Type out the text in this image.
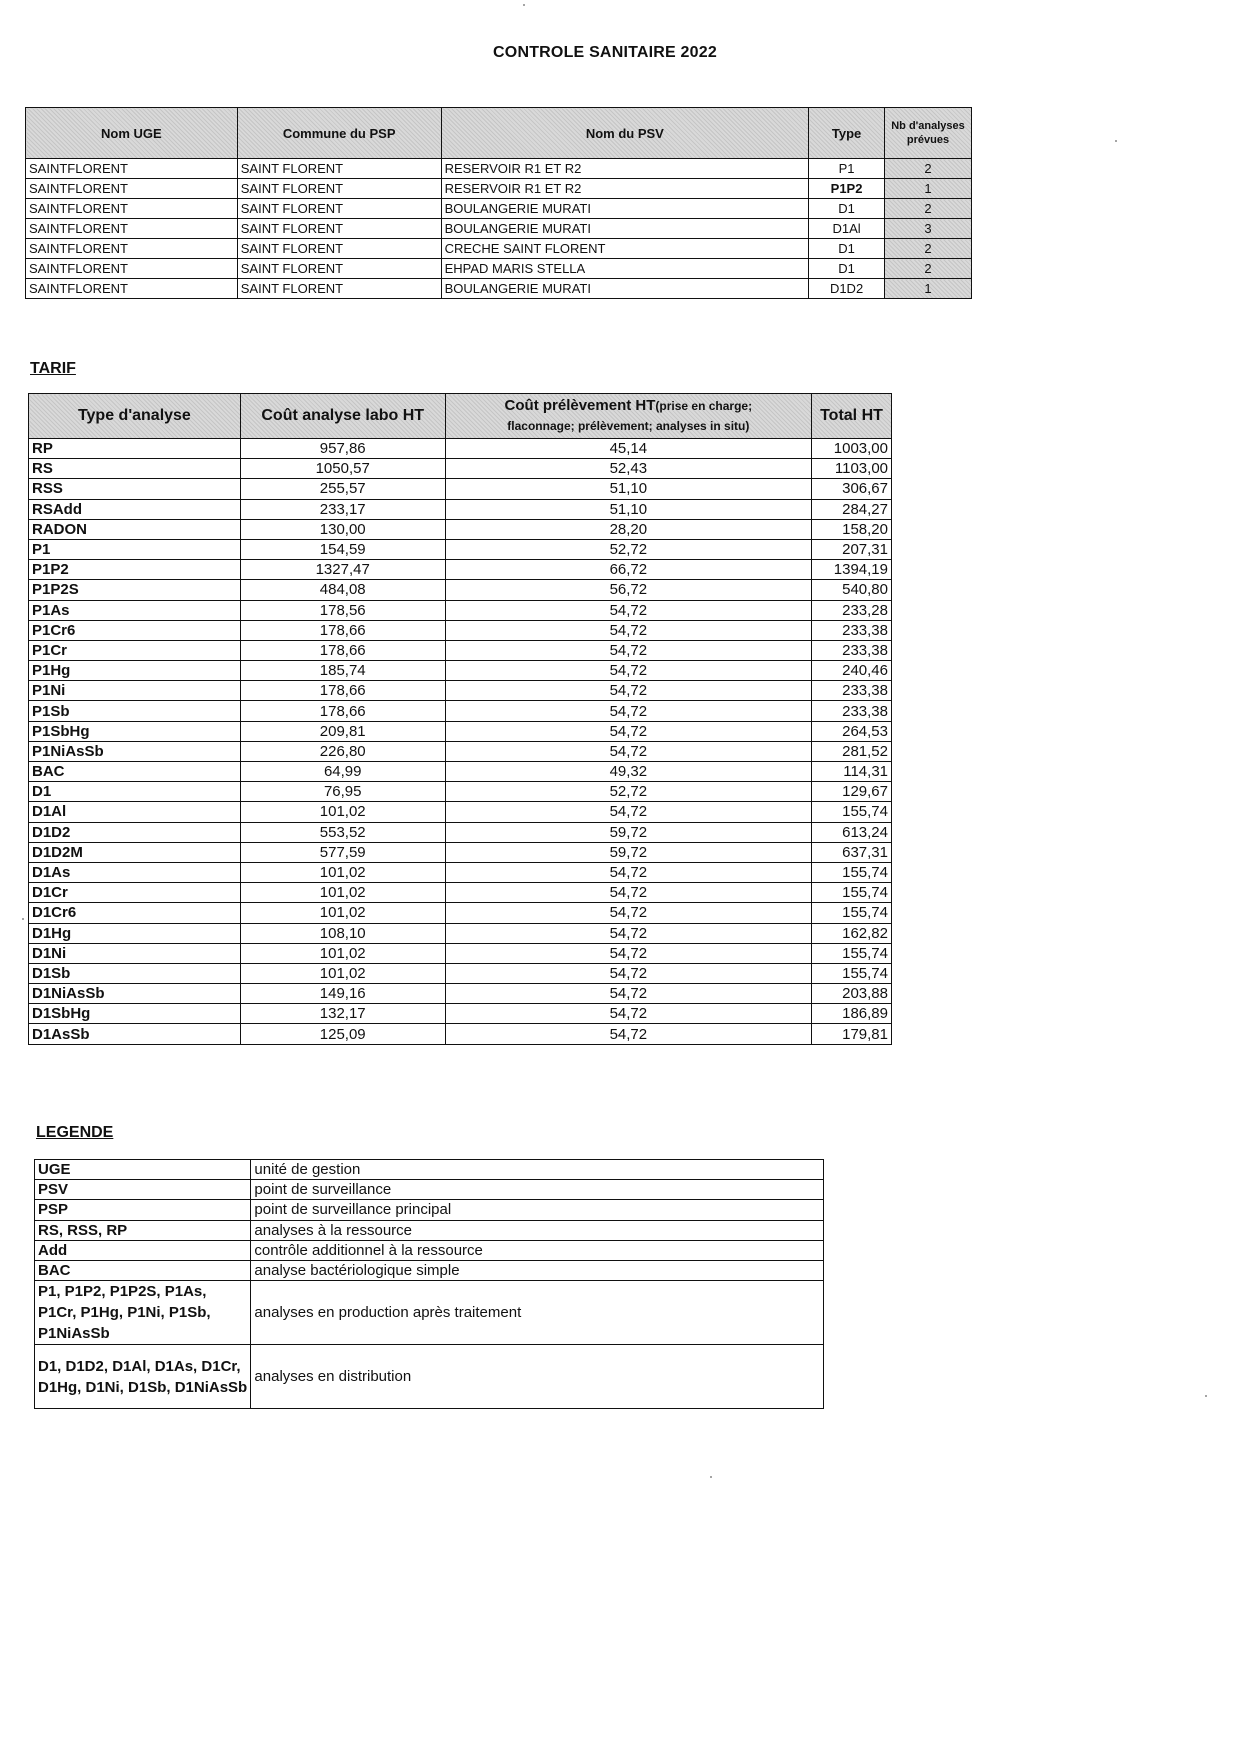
CONTROLE SANITAIRE 2022
Nom UGE	Commune du PSP	Nom du PSV	Type	Nb d'analyses prévues
SAINTFLORENT	SAINT FLORENT	RESERVOIR R1 ET R2	P1	2
SAINTFLORENT	SAINT FLORENT	RESERVOIR R1 ET R2	P1P2	1
SAINTFLORENT	SAINT FLORENT	BOULANGERIE MURATI	D1	2
SAINTFLORENT	SAINT FLORENT	BOULANGERIE MURATI	D1Al	3
SAINTFLORENT	SAINT FLORENT	CRECHE SAINT FLORENT	D1	2
SAINTFLORENT	SAINT FLORENT	EHPAD MARIS STELLA	D1	2
SAINTFLORENT	SAINT FLORENT	BOULANGERIE MURATI	D1D2	1
TARIF
Type d'analyse	Coût analyse labo HT	Coût prélèvement HT(prise en charge;
flaconnage; prélèvement; analyses in situ)	Total HT
RP	957,86	45,14	1003,00
RS	1050,57	52,43	1103,00
RSS	255,57	51,10	306,67
RSAdd	233,17	51,10	284,27
RADON	130,00	28,20	158,20
P1	154,59	52,72	207,31
P1P2	1327,47	66,72	1394,19
P1P2S	484,08	56,72	540,80
P1As	178,56	54,72	233,28
P1Cr6	178,66	54,72	233,38
P1Cr	178,66	54,72	233,38
P1Hg	185,74	54,72	240,46
P1Ni	178,66	54,72	233,38
P1Sb	178,66	54,72	233,38
P1SbHg	209,81	54,72	264,53
P1NiAsSb	226,80	54,72	281,52
BAC	64,99	49,32	114,31
D1	76,95	52,72	129,67
D1Al	101,02	54,72	155,74
D1D2	553,52	59,72	613,24
D1D2M	577,59	59,72	637,31
D1As	101,02	54,72	155,74
D1Cr	101,02	54,72	155,74
D1Cr6	101,02	54,72	155,74
D1Hg	108,10	54,72	162,82
D1Ni	101,02	54,72	155,74
D1Sb	101,02	54,72	155,74
D1NiAsSb	149,16	54,72	203,88
D1SbHg	132,17	54,72	186,89
D1AsSb	125,09	54,72	179,81
LEGENDE
UGE	unité de gestion
PSV	point de surveillance
PSP	point de surveillance principal
RS, RSS, RP	analyses à la ressource
Add	contrôle additionnel à la ressource
BAC	analyse bactériologique simple
P1, P1P2, P1P2S, P1As, P1Cr, P1Hg, P1Ni, P1Sb, P1NiAsSb	analyses en production après traitement
D1, D1D2, D1Al, D1As, D1Cr, D1Hg, D1Ni, D1Sb, D1NiAsSb	analyses en distribution
